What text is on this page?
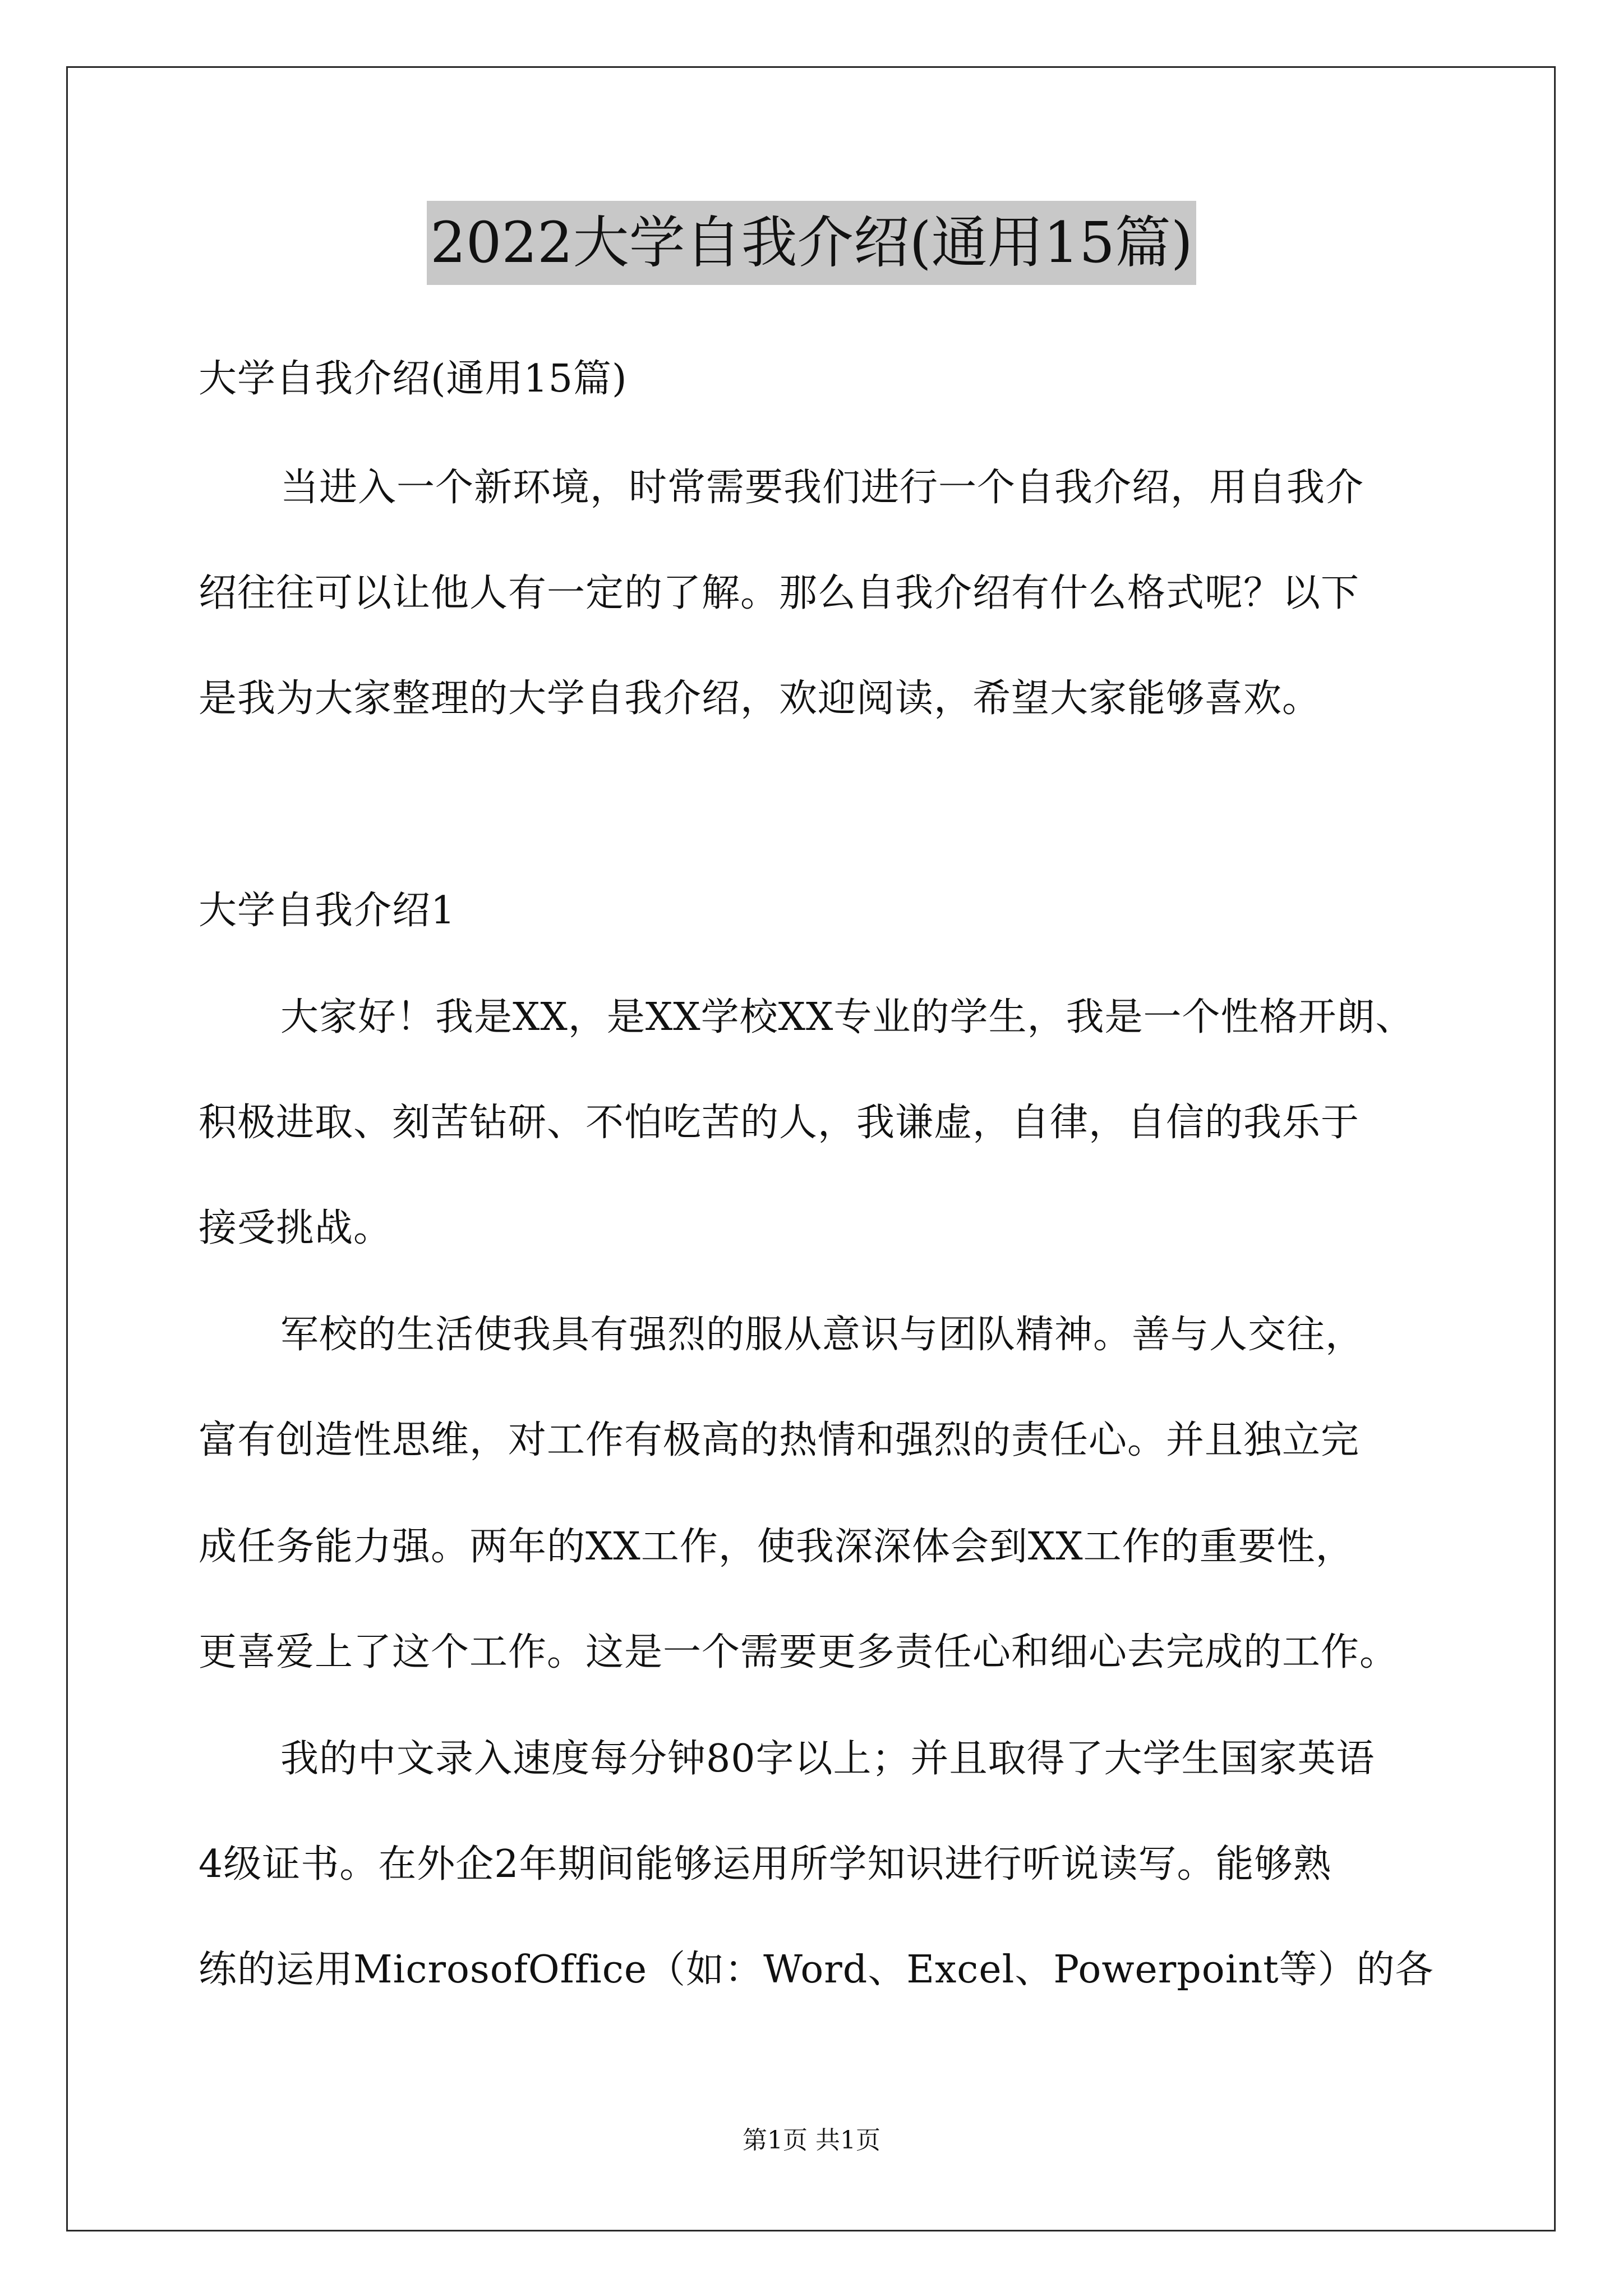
2022大学自我介绍(通用15篇)
大学自我介绍(通用15篇)
当进入一个新环境，时常需要我们进行一个自我介绍，用自我介
绍往往可以让他人有一定的了解。那么自我介绍有什么格式呢？以下
是我为大家整理的大学自我介绍，欢迎阅读，希望大家能够喜欢。
大学自我介绍1
大家好！我是XX，是XX学校XX专业的学生，我是一个性格开朗、
积极进取、刻苦钻研、不怕吃苦的人，我谦虚，自律，自信的我乐于
接受挑战。
军校的生活使我具有强烈的服从意识与团队精神。善与人交往，
富有创造性思维，对工作有极高的热情和强烈的责任心。并且独立完
成任务能力强。两年的XX工作，使我深深体会到XX工作的重要性，
更喜爱上了这个工作。这是一个需要更多责任心和细心去完成的工作。
我的中文录入速度每分钟80字以上；并且取得了大学生国家英语
4级证书。在外企2年期间能够运用所学知识进行听说读写。能够熟
练的运用MicrosofOffice（如：Word、Excel、Powerpoint等）的各
第1页 共1页
